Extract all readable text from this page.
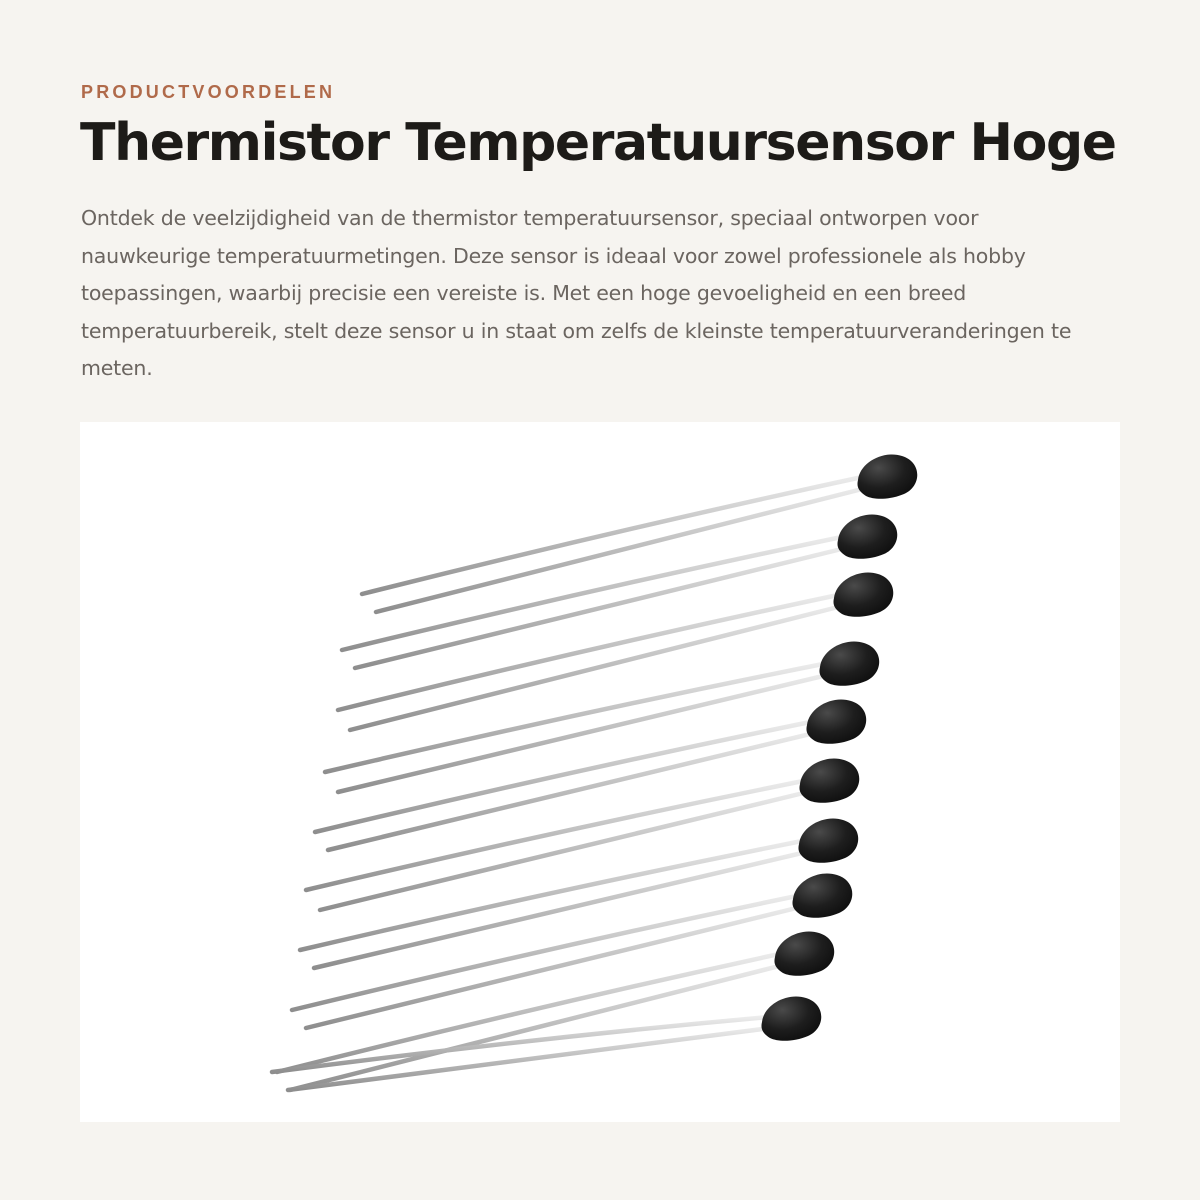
PRODUCTVOORDELEN
Thermistor Temperatuursensor Hoge

Ontdek de veelzijdigheid van de thermistor temperatuursensor, speciaal ontworpen voor nauwkeurige temperatuurmetingen. Deze sensor is ideaal voor zowel professionele als hobby toepassingen, waarbij precisie een vereiste is. Met een hoge gevoeligheid en een breed temperatuurbereik, stelt deze sensor u in staat om zelfs de kleinste temperatuurveranderingen te meten.
